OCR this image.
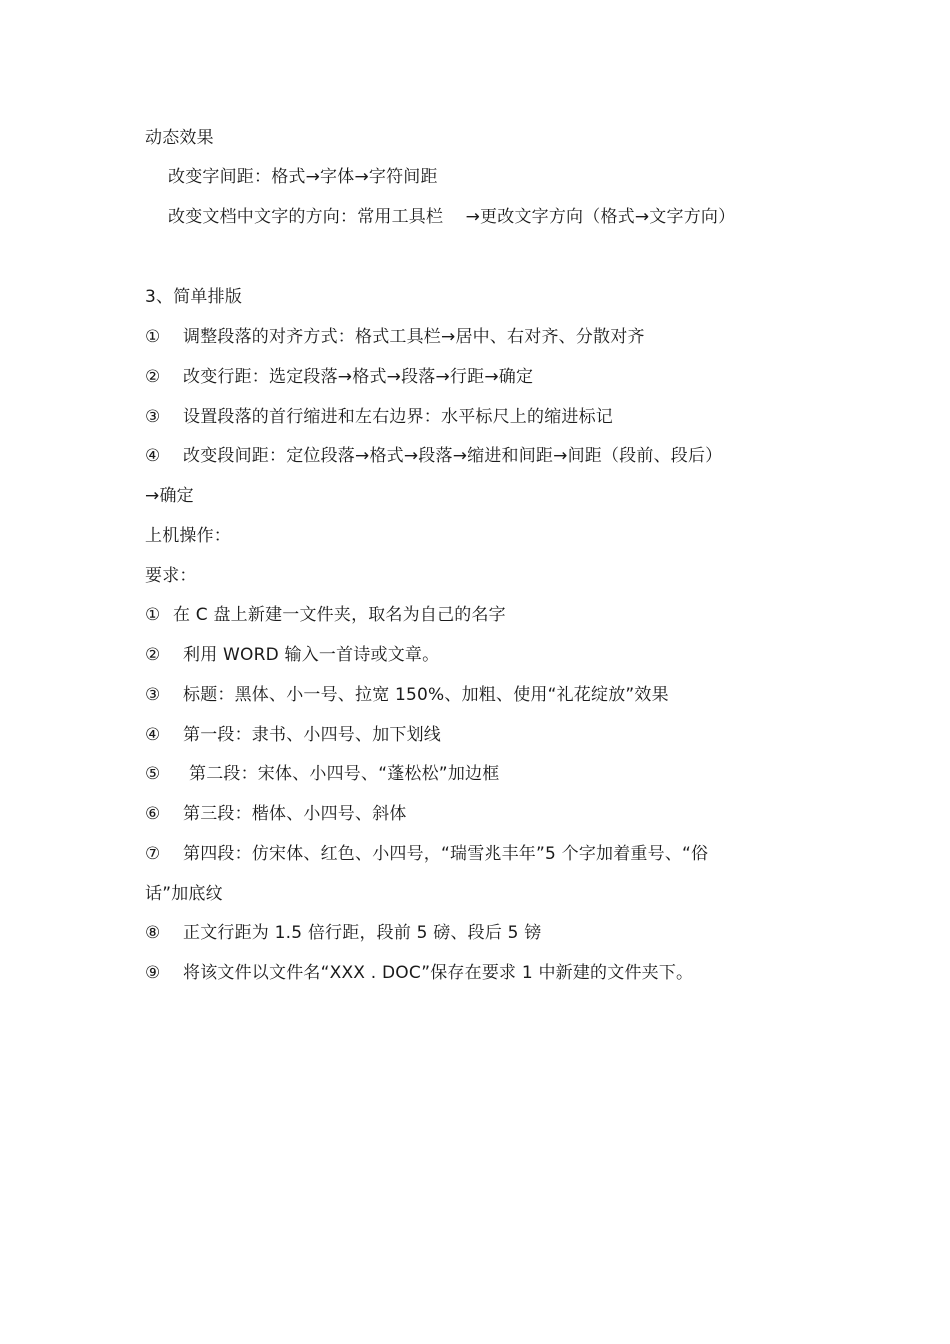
动态效果
改变字间距：格式→字体→字符间距
改变文档中文字的方向：常用工具栏    →更改文字方向（格式→文字方向）
3、简单排版
① 调整段落的对齐方式：格式工具栏→居中、右对齐、分散对齐
② 改变行距：选定段落→格式→段落→行距→确定
③ 设置段落的首行缩进和左右边界：水平标尺上的缩进标记
④ 改变段间距：定位段落→格式→段落→缩进和间距→间距（段前、段后）
→确定
上机操作：
要求：
① 在 C 盘上新建一文件夹，取名为自己的名字
② 利用 WORD 输入一首诗或文章。
③ 标题：黑体、小一号、拉宽 150%、加粗、使用“礼花绽放”效果
④ 第一段：隶书、小四号、加下划线
⑤ 第二段：宋体、小四号、“蓬松松”加边框
⑥ 第三段：楷体、小四号、斜体
⑦ 第四段：仿宋体、红色、小四号，“瑞雪兆丰年”5 个字加着重号、“俗
话”加底纹
⑧ 正文行距为 1.5 倍行距，段前 5 磅、段后 5 镑
⑨ 将该文件以文件名“XXX . DOC”保存在要求 1 中新建的文件夹下。
